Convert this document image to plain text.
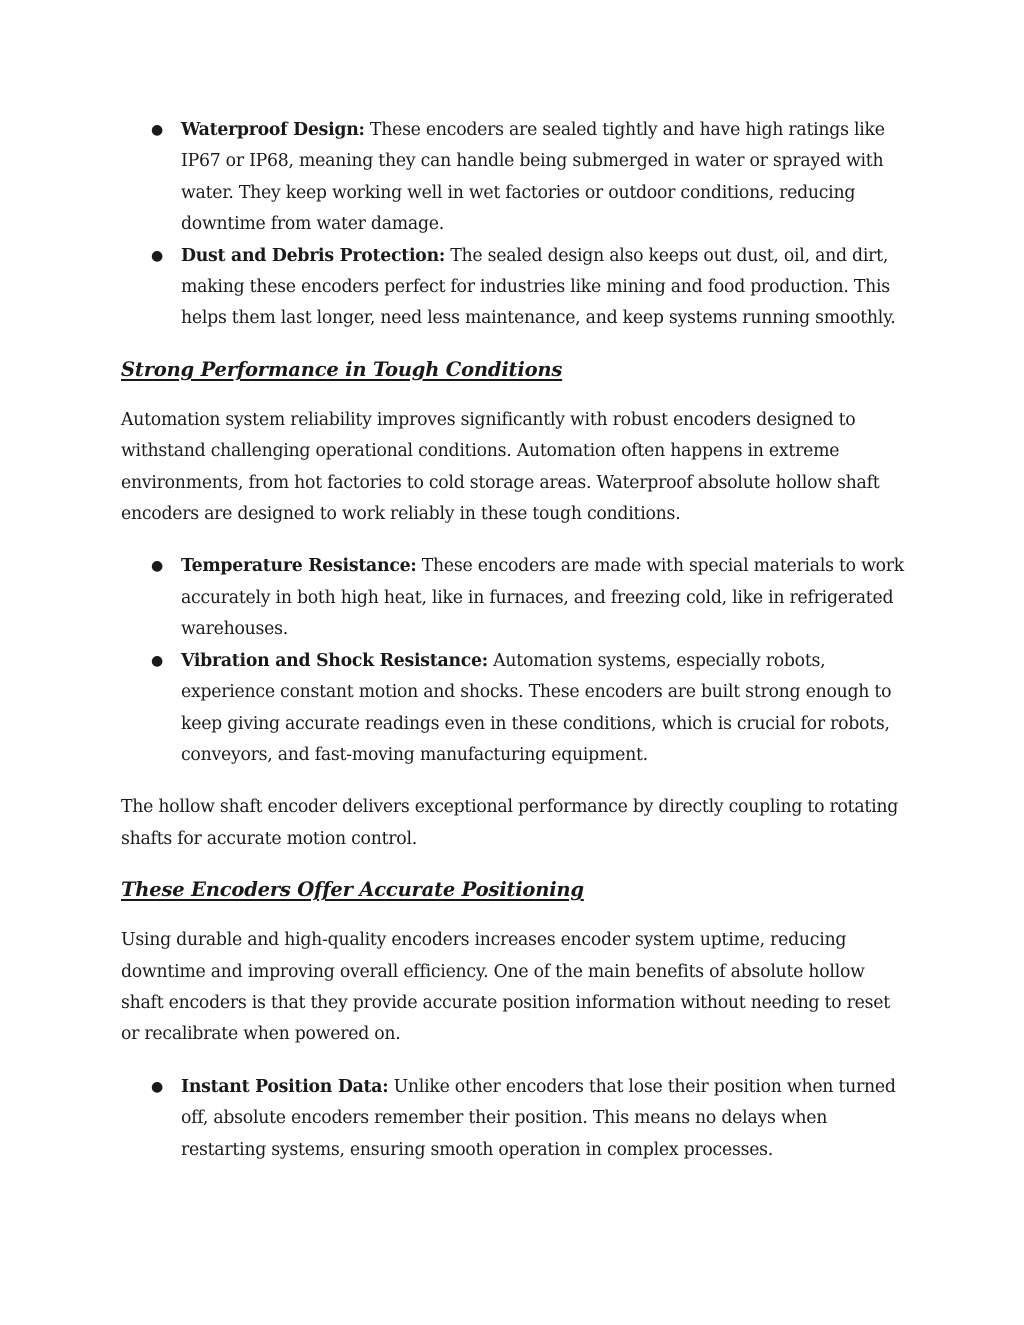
● Waterproof Design: These encoders are sealed tightly and have high ratings like IP67 or IP68, meaning they can handle being submerged in water or sprayed with water. They keep working well in wet factories or outdoor conditions, reducing downtime from water damage.
● Dust and Debris Protection: The sealed design also keeps out dust, oil, and dirt, making these encoders perfect for industries like mining and food production. This helps them last longer, need less maintenance, and keep systems running smoothly.
Strong Performance in Tough Conditions

Automation system reliability improves significantly with robust encoders designed to withstand challenging operational conditions. Automation often happens in extreme environments, from hot factories to cold storage areas. Waterproof absolute hollow shaft encoders are designed to work reliably in these tough conditions.

● Temperature Resistance: These encoders are made with special materials to work accurately in both high heat, like in furnaces, and freezing cold, like in refrigerated warehouses.
● Vibration and Shock Resistance: Automation systems, especially robots, experience constant motion and shocks. These encoders are built strong enough to keep giving accurate readings even in these conditions, which is crucial for robots, conveyors, and fast-moving manufacturing equipment.

The hollow shaft encoder delivers exceptional performance by directly coupling to rotating shafts for accurate motion control.

These Encoders Offer Accurate Positioning

Using durable and high-quality encoders increases encoder system uptime, reducing downtime and improving overall efficiency. One of the main benefits of absolute hollow shaft encoders is that they provide accurate position information without needing to reset or recalibrate when powered on.

● Instant Position Data: Unlike other encoders that lose their position when turned off, absolute encoders remember their position. This means no delays when restarting systems, ensuring smooth operation in complex processes.
